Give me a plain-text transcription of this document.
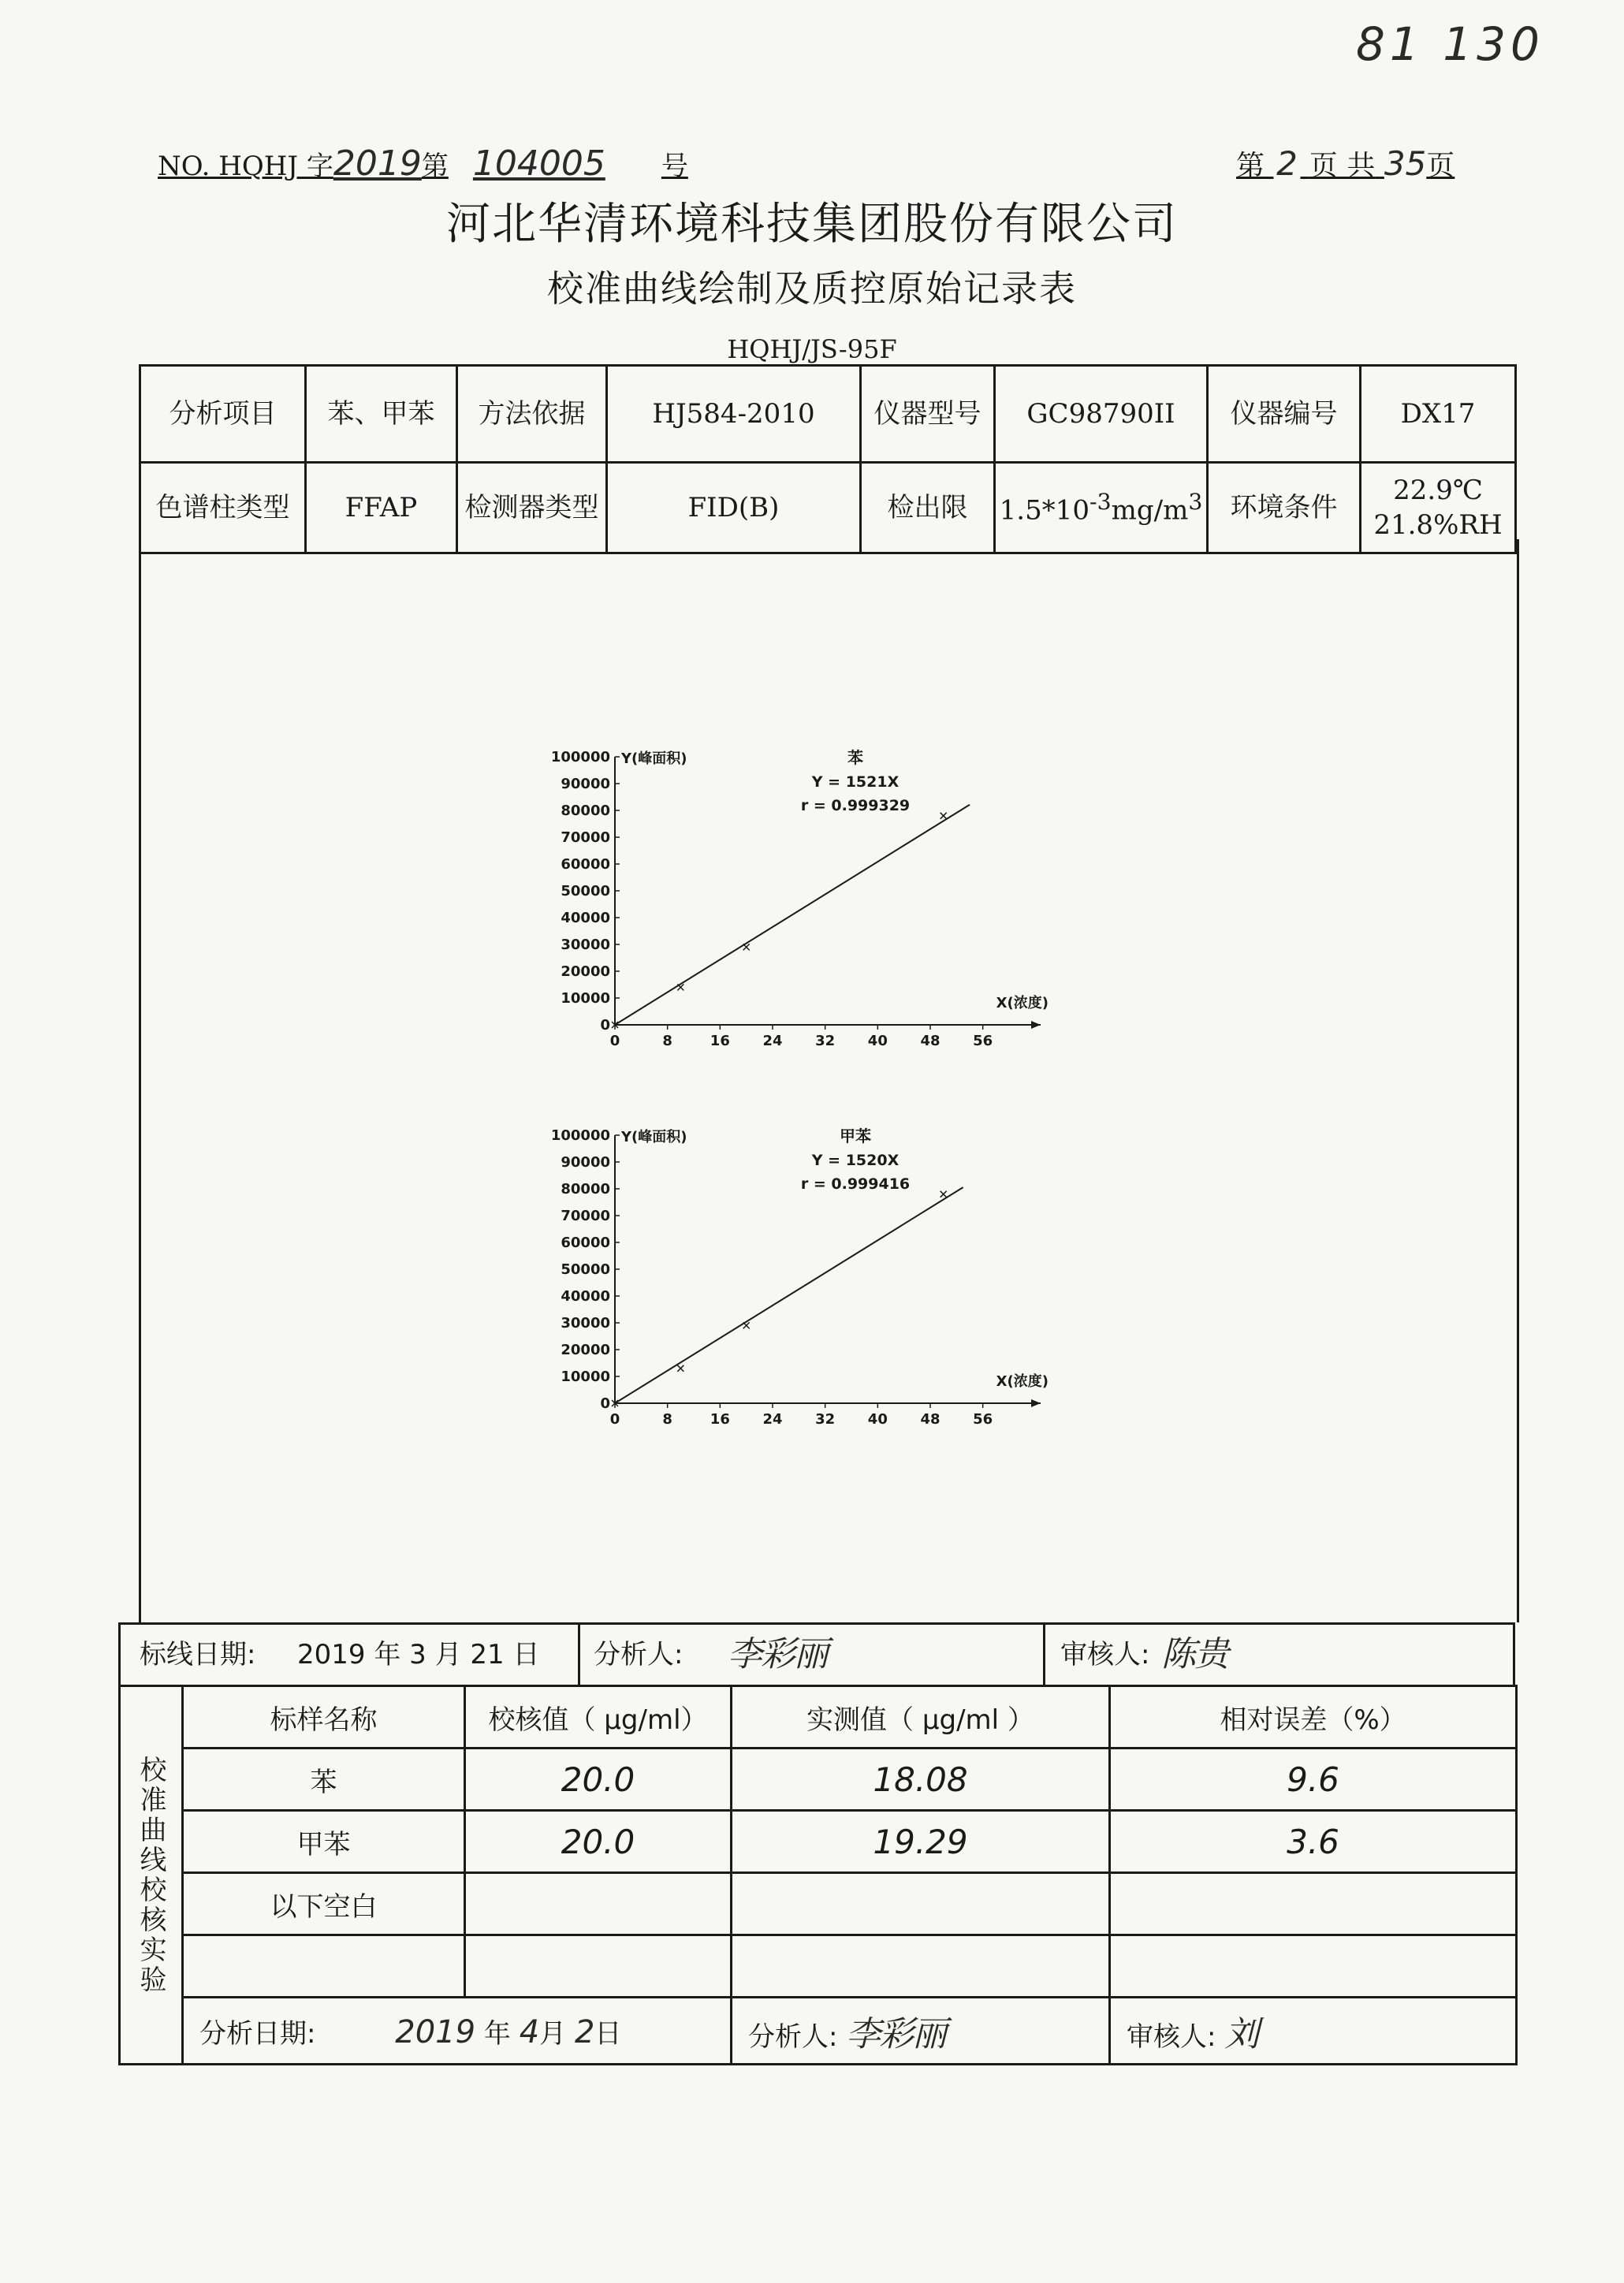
81 130
NO. HQHJ 字2019第 104005 号	第 2 页 共 35页
河北华清环境科技集团股份有限公司
校准曲线绘制及质控原始记录表
HQHJ/JS-95F
分析项目	苯、甲苯	方法依据	HJ584-2010	仪器型号	GC98790II	仪器编号	DX17
色谱柱类型	FFAP	检测器类型	FID(B)	检出限	$1.5*10^{-3}mg/m^3$	环境条件	22.9℃
21.8%RH
0
10000
20000
30000
40000
50000
60000
70000
80000
90000
100000
0	8	16 24 32 40 48 56
Y(峰面积)
X(浓度)
苯
Y = 1521X
r = 0.999329
0
10000
20000
30000
40000
50000
60000
70000
80000
90000
100000
0	8	16 24 32 40 48 56
Y(峰面积)
X(浓度)
甲苯
Y = 1520X
r = 0.999416
标线日期: 2019 年 3 月 21 日 分析人: 李彩丽	审核人: 陈贵
校准曲线校核实验	标样名称	校核值（ μg/ml）	实测值（ μg/ml ）	相对误差（%）
	苯	20.0	18.08	9.6
	甲苯	20.0	19.29	3.6
	以下空白			

	分析日期: 2019 年 4月 2日		分析人: 李彩丽	审核人: 刘
